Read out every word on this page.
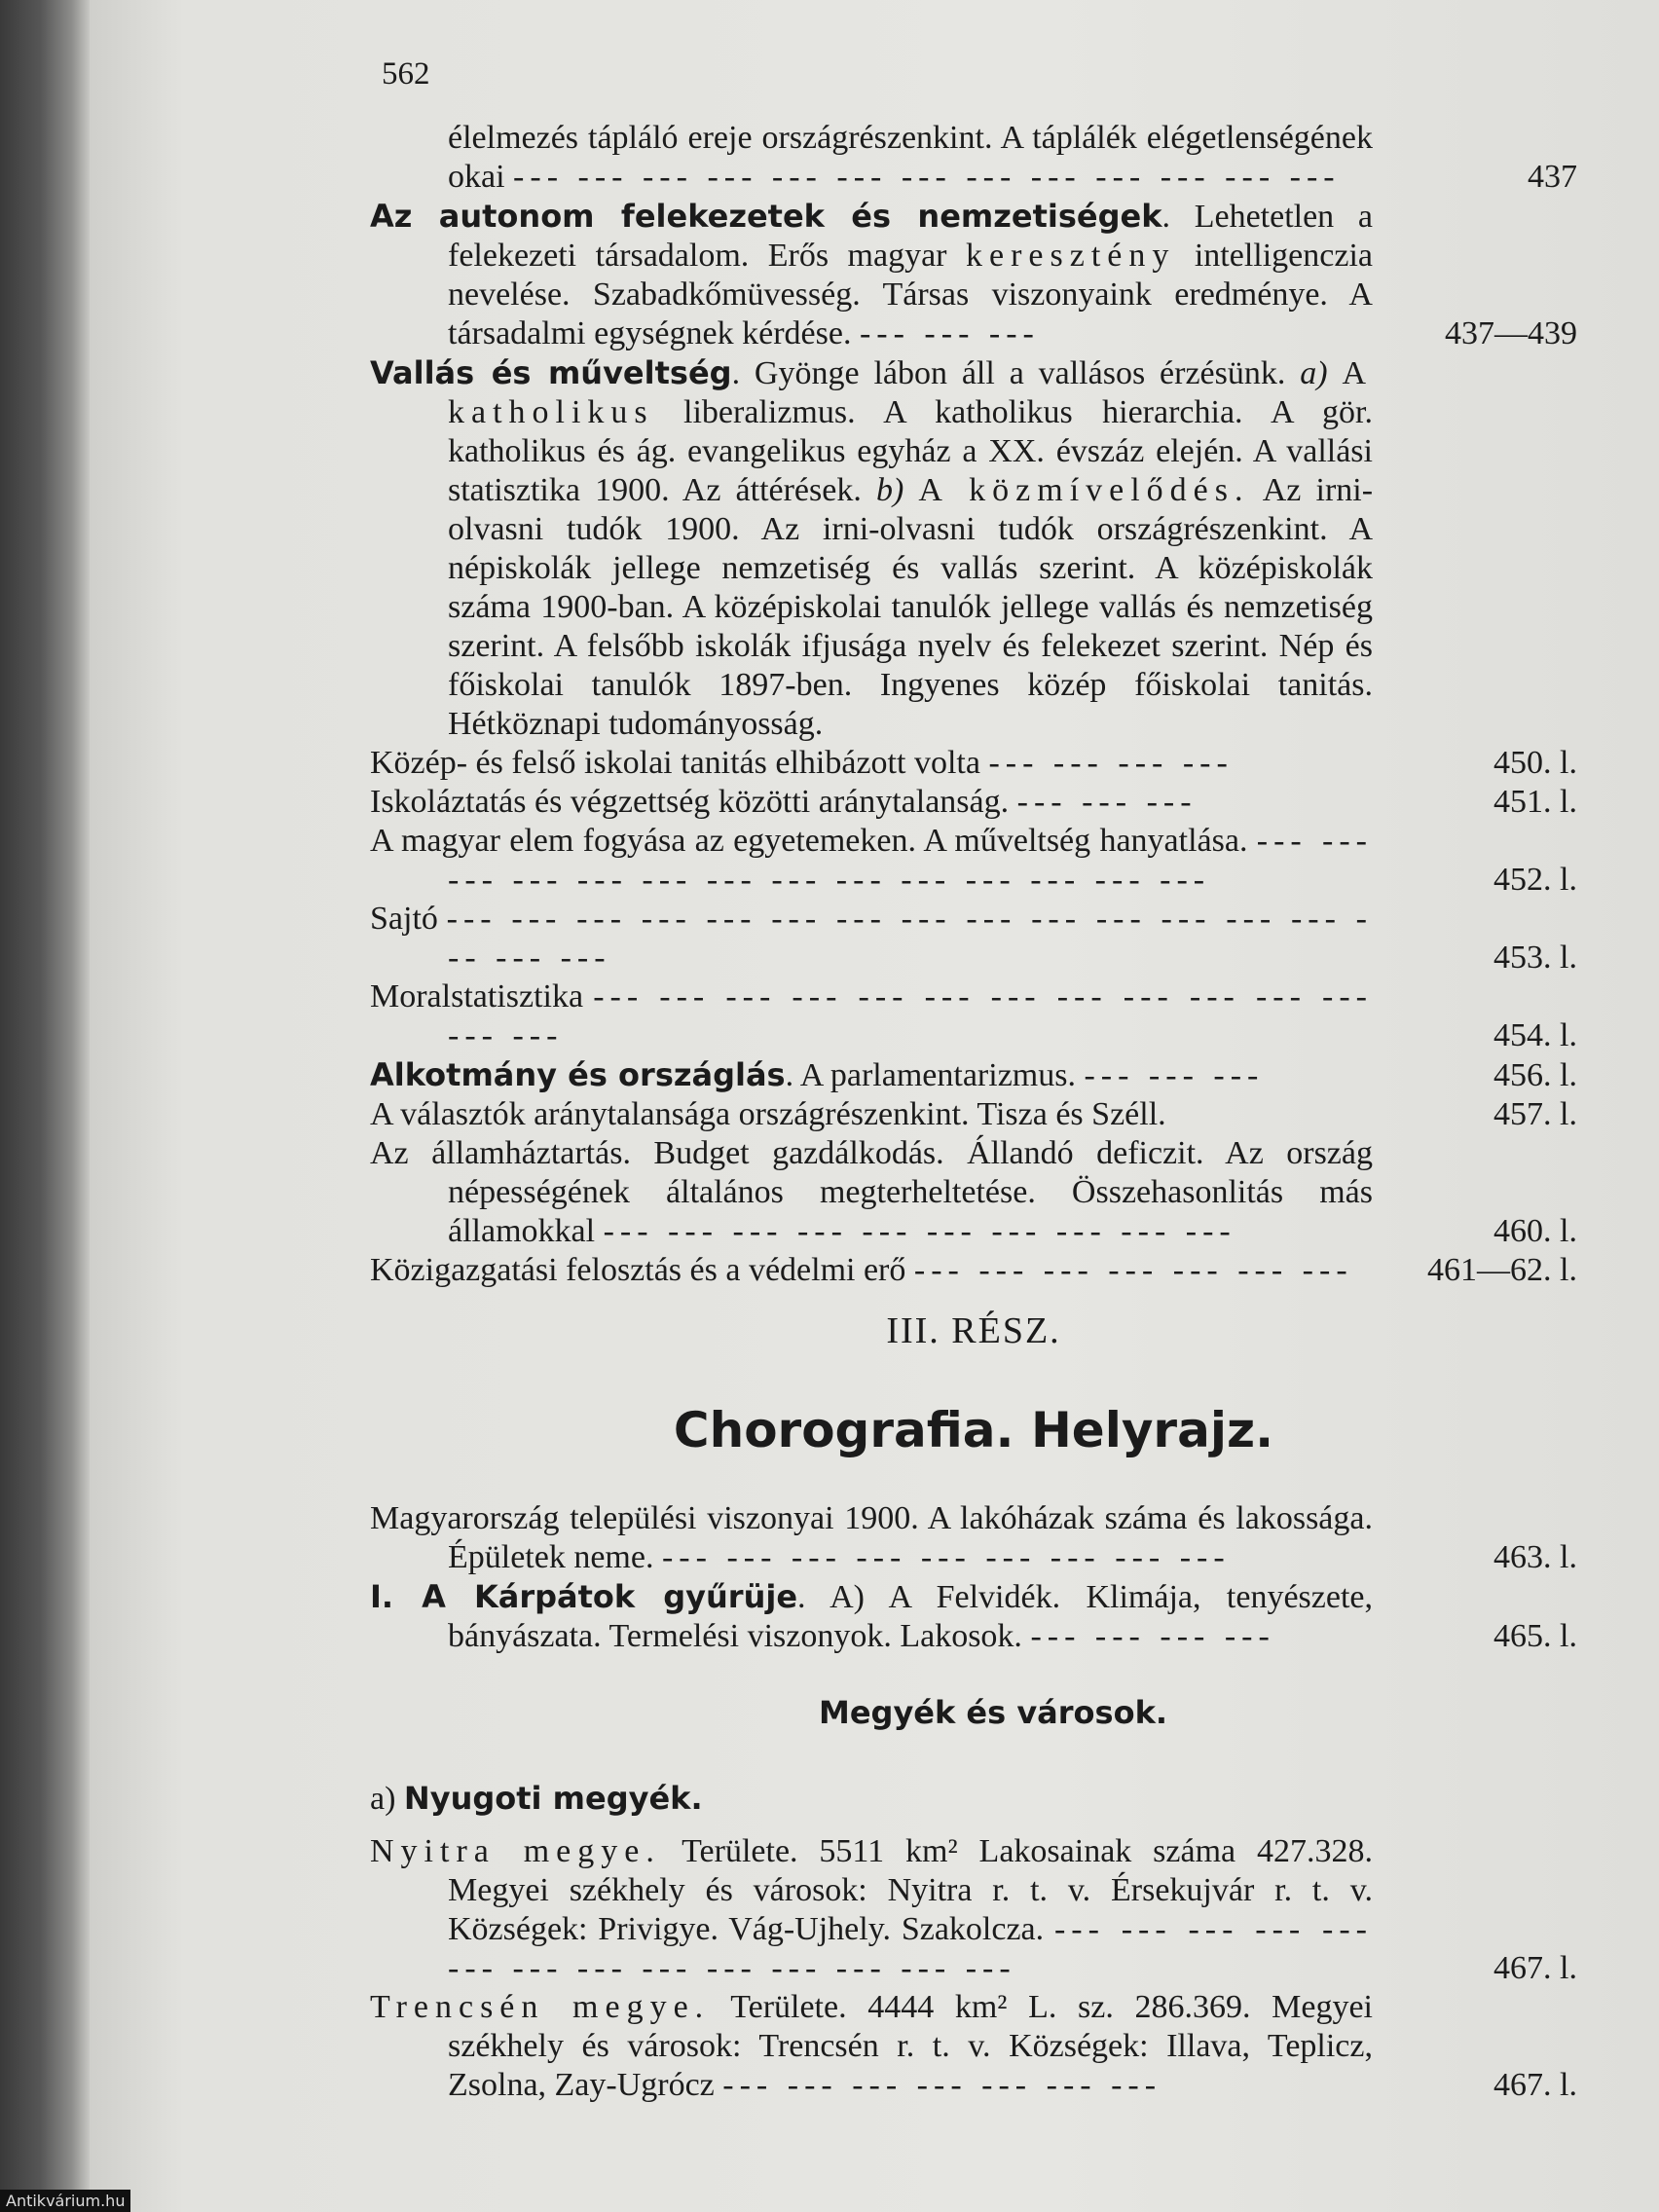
562
élelmezés tápláló ereje országrészenkint. A táplálék elégetlenségének okai --- --- --- --- --- --- --- --- --- --- --- --- ---	437
Az autonom felekezetek és nemzetiségek. Lehetetlen a felekezeti társadalom. Erős magyar keresztény intelligenczia nevelése. Szabadkőmüvesség. Társas viszonyaink eredménye. A társadalmi egységnek kérdése. --- --- ---	437—439
Vallás és műveltség. Gyönge lábon áll a vallásos érzésünk. a) A katholikus liberalizmus. A katholikus hierarchia. A gör. katholikus és ág. evangelikus egyház a XX. évszáz elején. A vallási statisztika 1900. Az áttérések. b) A közmívelődés. Az irni-olvasni tudók 1900. Az irni-olvasni tudók országrészenkint. A népiskolák jellege nemzetiség és vallás szerint. A középiskolák száma 1900-ban. A középiskolai tanulók jellege vallás és nemzetiség szerint. A felsőbb iskolák ifjusága nyelv és felekezet szerint. Nép és főiskolai tanulók 1897-ben. Ingyenes közép főiskolai tanitás. Hétköznapi tudományosság.
Közép- és felső iskolai tanitás elhibázott volta --- --- --- ---	450. l.
Iskoláztatás és végzettség közötti aránytalanság. --- --- ---	451. l.
A magyar elem fogyása az egyetemeken. A műveltség hanyatlása. --- --- --- --- --- --- --- --- --- --- --- --- --- ---	452. l.
Sajtó --- --- --- --- --- --- --- --- --- --- --- --- --- --- --- --- ---	453. l.
Moralstatisztika --- --- --- --- --- --- --- --- --- --- --- --- --- ---	454. l.
Alkotmány és országlás. A parlamentarizmus. --- --- ---	456. l.
A választók aránytalansága országrészenkint. Tisza és Széll.	457. l.
Az államháztartás. Budget gazdálkodás. Állandó deficzit. Az ország népességének általános megterheltetése. Összehasonlitás más államokkal --- --- --- --- --- --- --- --- --- ---	460. l.
Közigazgatási felosztás és a védelmi erő --- --- --- --- --- --- ---	461—62. l.
III. RÉSZ.
Chorografia. Helyrajz.
Magyarország települési viszonyai 1900. A lakóházak száma és lakossága. Épületek neme. --- --- --- --- --- --- --- --- ---	463. l.
I. A Kárpátok gyűrüje. A) A Felvidék. Klimája, tenyészete, bányászata. Termelési viszonyok. Lakosok. --- --- --- ---	465. l.
Megyék és városok.
a) Nyugoti megyék.
Nyitra megye. Területe. 5511 km² Lakosainak száma 427.328. Megyei székhely és városok: Nyitra r. t. v. Érsekujvár r. t. v. Községek: Privigye. Vág-Ujhely. Szakolcza. --- --- --- --- --- --- --- --- --- --- --- --- --- ---	467. l.
Trencsén megye. Területe. 4444 km² L. sz. 286.369. Megyei székhely és városok: Trencsén r. t. v. Községek: Illava, Teplicz, Zsolna, Zay-Ugrócz --- --- --- --- --- --- ---	467. l.
Antikvárium.hu
